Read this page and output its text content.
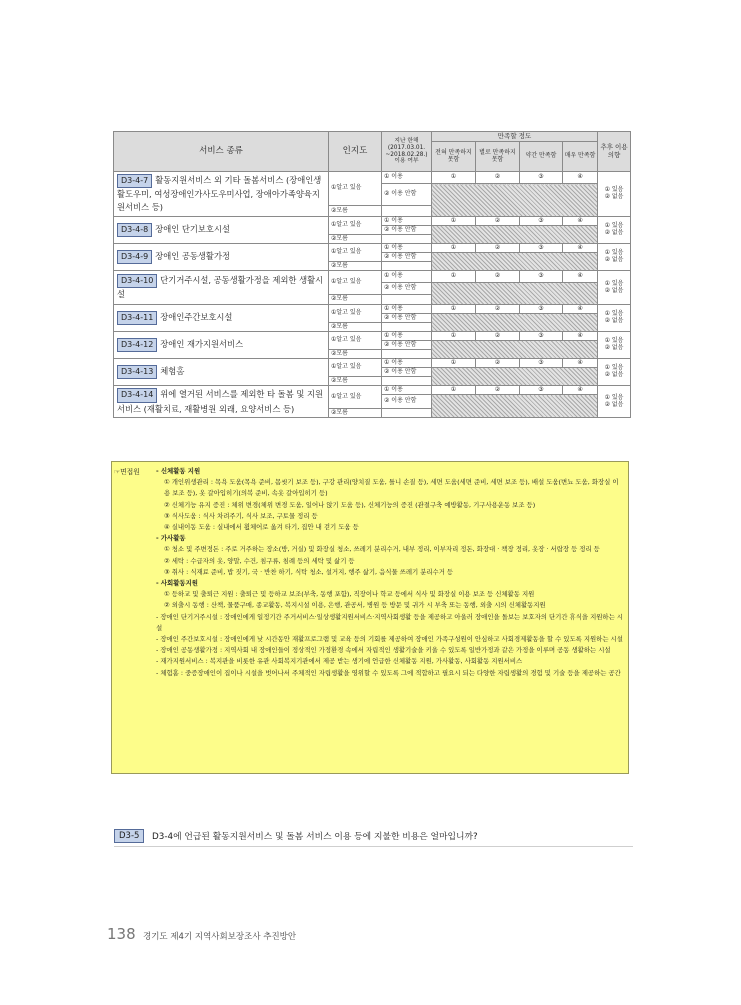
서비스 종류	인지도	지난 한해 (2017.03.01. ~2018.02.28.) 이용 여부	만족할 정도				추후 이용의향
			전혀 만족하지 못함	별로 만족하지 못함	약간 만족함	매우 만족함	
D3-4-7 활동지원서비스 외 기타 돌봄서비스 (장애인생활도우미, 여성장애인가사도우미사업, 장애아가족양육지원서비스 등)	①알고 있음	① 이용	①	②	③	④	① 있음
② 없음

		② 이용 안함					
	②모름						
D3-4-8 장애인 단기보호시설	①알고 있음	① 이용	①	②	③	④	① 있음
② 없음

		② 이용 안함					
	②모름						
D3-4-9 장애인 공동생활가정	①알고 있음	① 이용	①	②	③	④	① 있음
② 없음

		② 이용 안함					
	②모름						
D3-4-10 단기거주시설, 공동생활가정을 제외한 생활시설	①알고 있음	① 이용	①	②	③	④	① 있음
② 없음

		② 이용 안함					
	②모름						
D3-4-11 장애인주간보호시설	①알고 있음	① 이용	①	②	③	④	① 있음
② 없음

		② 이용 안함					
	②모름						
D3-4-12 장애인 재가지원서비스	①알고 있음	① 이용	①	②	③	④	① 있음
② 없음

		② 이용 안함					
	②모름						
D3-4-13 체험홈	①알고 있음	① 이용	①	②	③	④	① 있음
② 없음

		② 이용 안함					
	②모름						
D3-4-14 위에 열거된 서비스를 제외한 타 돌봄 및 지원서비스 (재활치료, 재활병원 외래, 요양서비스 등)	①알고 있음	① 이용	①	②	③	④	① 있음
② 없음

		② 이용 안함					
	②모름						
☞면접원	- 신체활동 지원
① 개인위생관리 : 목욕 도움(목욕 준비, 몸씻기 보조 등), 구강 관리(양치질 도움, 틀니 손질 등), 세면 도움(세면 준비, 세면 보조 등), 배설 도움(변뇨 도움, 화장실 이용 보조 등), 옷 갈아입히기(의복 준비, 속옷 갈아입히기 등)
② 신체기능 유지 증진 : 체위 변경(체위 변경 도움, 일어나 앉기 도움 등), 신체기능의 증진 (관절구축 예방활동, 기구사용운동 보조 등)
③ 식사도움 : 식사 차려주기, 식사 보조, 구토물 정리 등
④ 실내이동 도움 : 실내에서 휠체어로 옮겨 타기, 집안 내 걷기 도움 등
- 가사활동
① 청소 및 주변정돈 : 주로 거주하는 장소(방, 거실) 및 화장실 청소, 쓰레기 분리수거, 내부 정리, 이부자리 정돈, 화장대 · 책장 정리, 옷장 · 서랍장 등 정리 등
② 세탁 : 수급자의 옷, 양말, 수건, 침구류, 침례 등의 세탁 및 삶기 등
③ 취사 : 식재료 준비, 밥 짓기, 국 · 반찬 하기, 식탁 청소, 설거지, 행주 삶기, 음식물 쓰레기 분리수거 등
- 사회활동지원
① 등하교 및 출퇴근 지원 : 출퇴근 및 등하교 보조(부축, 동행 포함), 직장이나 학교 등에서 식사 및 화장실 이용 보조 등 신체활동 지원
② 외출시 동행 : 산책, 물품구매, 종교활동, 복지시설 이용, 은행, 관공서, 병원 등 방문 및 귀가 시 부축 또는 동행, 외출 시의 신체활동지원
- 장애인 단기거주시설 : 장애인에게 일정기간 주거서비스·일상생활지원서비스·지역사회생활 등을 제공하고 아울러 장애인을 돌보는 보호자의 단기간 휴식을 지원하는 시설
- 장애인 주간보호시설 : 장애인에게 낮 시간동안 재활프로그램 및 교육 등의 기회를 제공하여 장애인 가족구성원이 안심하고 사회경제활동을 할 수 있도록 지원하는 시설
- 장애인 공동생활가정 : 지역사회 내 장애인들이 정상적인 가정환경 속에서 자립적인 생활기술을 키울 수 있도록 일반가정과 같은 가정을 이루며 공동 생활하는 시설
- 재가지원서비스 : 복지관을 비롯한 유관 사회복지기관에서 제공 받는 생기에 언급한 신체활동 지원, 가사활동, 사회활동 지원서비스
- 체험홈 : 중증장애인이 집이나 시설을 벗어나서 주체적인 자립생활을 영위할 수 있도록 그에 적합하고 필요시 되는 다양한 자립생활의 경험 및 기술 등을 제공하는 공간
D3-5	D3-4에 언급된 활동지원서비스 및 돌봄 서비스 이용 등에 지불한 비용은 얼마입니까?
138 경기도 제4기 지역사회보장조사 추진방안
